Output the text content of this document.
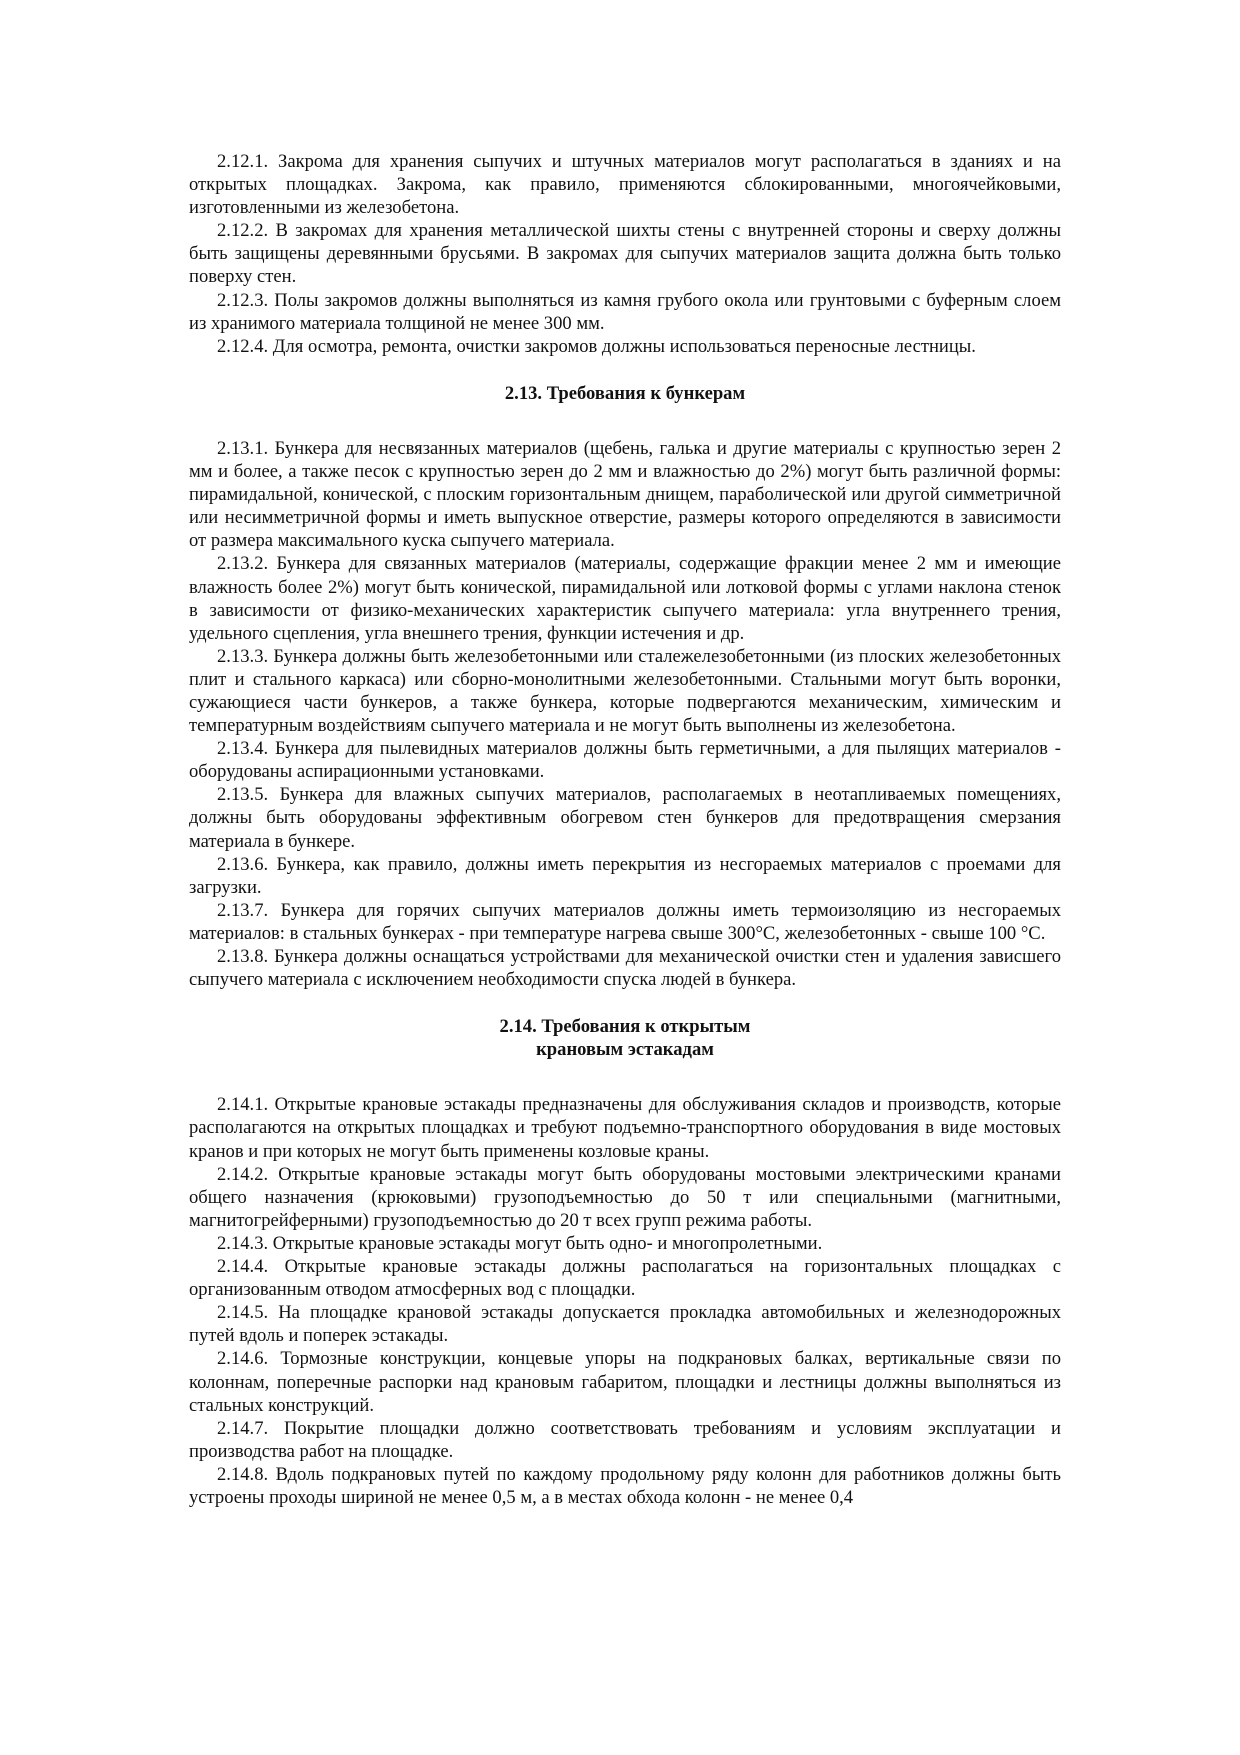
2.12.1. Закрома для хранения сыпучих и штучных материалов могут располагаться в зданиях и на открытых площадках. Закрома, как правило, применяются сблокированными, многоячейковыми, изготовленными из железобетона.

2.12.2. В закромах для хранения металлической шихты стены с внутренней стороны и сверху должны быть защищены деревянными брусьями. В закромах для сыпучих материалов защита должна быть только поверху стен.

2.12.3. Полы закромов должны выполняться из камня грубого окола или грунтовыми с буферным слоем из хранимого материала толщиной не менее 300 мм.

2.12.4. Для осмотра, ремонта, очистки закромов должны использоваться переносные лестницы.

2.13. Требования к бункерам

2.13.1. Бункера для несвязанных материалов (щебень, галька и другие материалы с крупностью зерен 2 мм и более, а также песок с крупностью зерен до 2 мм и влажностью до 2%) могут быть различной формы: пирамидальной, конической, с плоским горизонтальным днищем, параболической или другой симметричной или несимметричной формы и иметь выпускное отверстие, размеры которого определяются в зависимости от размера максимального куска сыпучего материала.

2.13.2. Бункера для связанных материалов (материалы, содержащие фракции менее 2 мм и имеющие влажность более 2%) могут быть конической, пирамидальной или лотковой формы с углами наклона стенок в зависимости от физико-механических характеристик сыпучего материала: угла внутреннего трения, удельного сцепления, угла внешнего трения, функции истечения и др.

2.13.3. Бункера должны быть железобетонными или сталежелезобетонными (из плоских железобетонных плит и стального каркаса) или сборно-монолитными железобетонными. Стальными могут быть воронки, сужающиеся части бункеров, а также бункера, которые подвергаются механическим, химическим и температурным воздействиям сыпучего материала и не могут быть выполнены из железобетона.

2.13.4. Бункера для пылевидных материалов должны быть герметичными, а для пылящих материалов - оборудованы аспирационными установками.

2.13.5. Бункера для влажных сыпучих материалов, располагаемых в неотапливаемых помещениях, должны быть оборудованы эффективным обогревом стен бункеров для предотвращения смерзания материала в бункере.

2.13.6. Бункера, как правило, должны иметь перекрытия из несгораемых материалов с проемами для загрузки.

2.13.7. Бункера для горячих сыпучих материалов должны иметь термоизоляцию из несгораемых материалов: в стальных бункерах - при температуре нагрева свыше 300°С, железобетонных - свыше 100 °С.

2.13.8. Бункера должны оснащаться устройствами для механической очистки стен и удаления зависшего сыпучего материала с исключением необходимости спуска людей в бункера.

2.14. Требования к открытым
крановым эстакадам

2.14.1. Открытые крановые эстакады предназначены для обслуживания складов и производств, которые располагаются на открытых площадках и требуют подъемно-транспортного оборудования в виде мостовых кранов и при которых не могут быть применены козловые краны.

2.14.2. Открытые крановые эстакады могут быть оборудованы мостовыми электрическими кранами общего назначения (крюковыми) грузоподъемностью до 50 т или специальными (магнитными, магнитогрейферными) грузоподъемностью до 20 т всех групп режима работы.

2.14.3. Открытые крановые эстакады могут быть одно- и многопролетными.

2.14.4. Открытые крановые эстакады должны располагаться на горизонтальных площадках с организованным отводом атмосферных вод с площадки.

2.14.5. На площадке крановой эстакады допускается прокладка автомобильных и железнодорожных путей вдоль и поперек эстакады.

2.14.6. Тормозные конструкции, концевые упоры на подкрановых балках, вертикальные связи по колоннам, поперечные распорки над крановым габаритом, площадки и лестницы должны выполняться из стальных конструкций.

2.14.7. Покрытие площадки должно соответствовать требованиям и условиям эксплуатации и производства работ на площадке.

2.14.8. Вдоль подкрановых путей по каждому продольному ряду колонн для работников должны быть устроены проходы шириной не менее 0,5 м, а в местах обхода колонн - не менее 0,4
